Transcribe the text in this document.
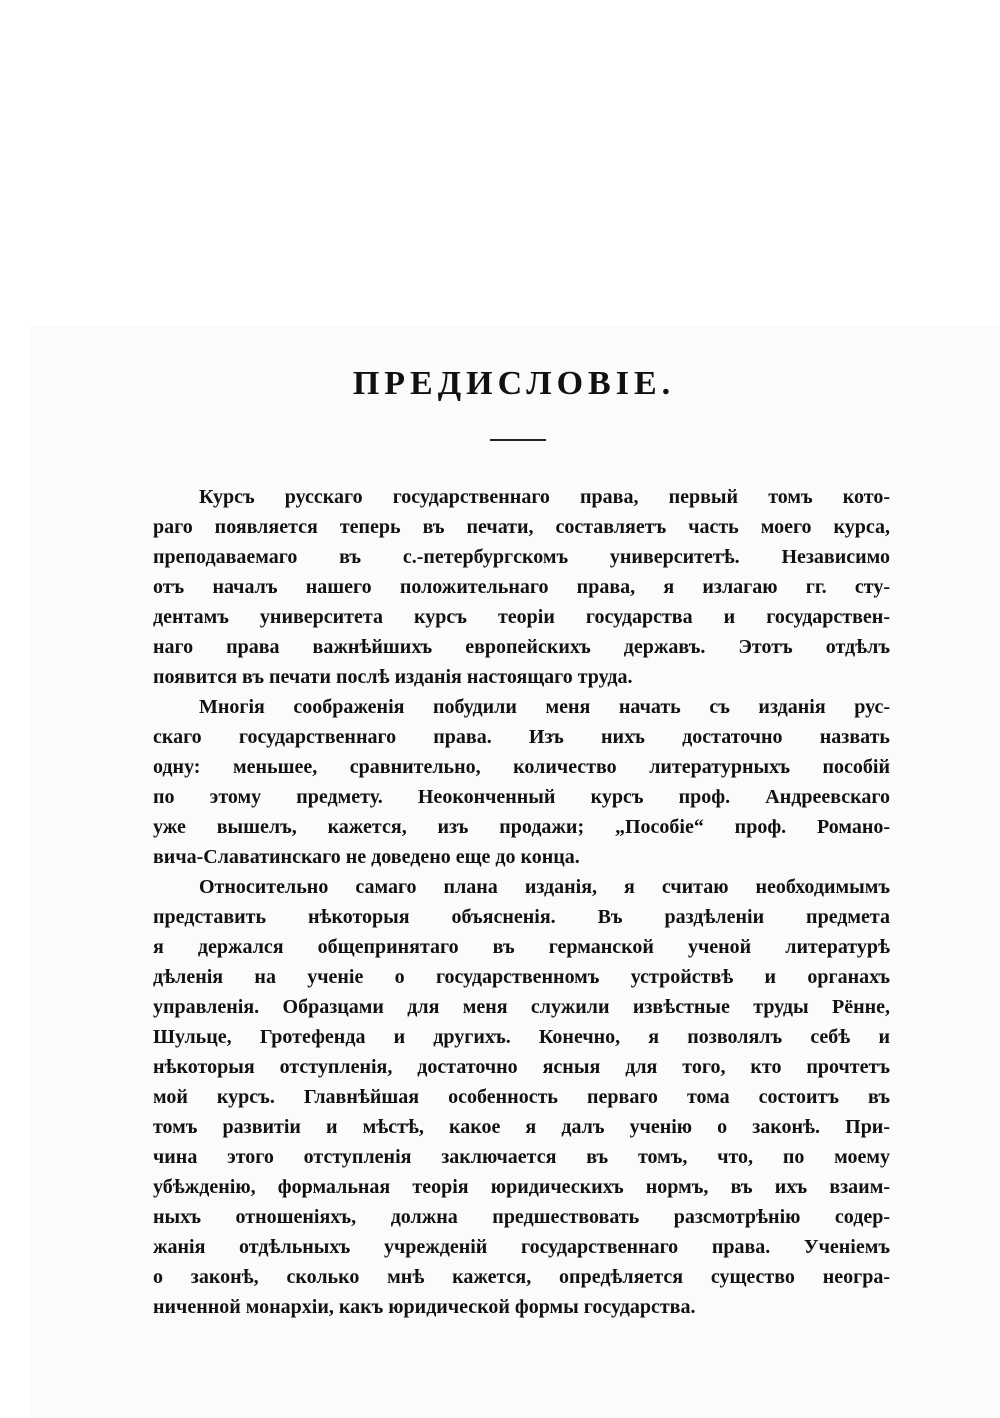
ПРЕДИСЛОВІЕ.
Курсъ русскаго государственнаго права, первый томъ кото-
раго появляется теперь въ печати, составляетъ часть моего курса,
преподаваемаго въ с.-петербургскомъ университетѣ. Независимо
отъ началъ нашего положительнаго права, я излагаю гг. сту-
дентамъ университета курсъ теоріи государства и государствен-
наго права важнѣйшихъ европейскихъ державъ. Этотъ отдѣлъ
появится въ печати послѣ изданія настоящаго труда.
Многія соображенія побудили меня начать съ изданія рус-
скаго государственнаго права. Изъ нихъ достаточно назвать
одну: меньшее, сравнительно, количество литературныхъ пособій
по этому предмету. Неоконченный курсъ проф. Андреевскаго
уже вышелъ, кажется, изъ продажи; „Пособіе“ проф. Романо-
вича-Славатинскаго не доведено еще до конца.
Относительно самаго плана изданія, я считаю необходимымъ
представить нѣкоторыя объясненія. Въ раздѣленіи предмета
я держался общепринятаго въ германской ученой литературѣ
дѣленія на ученіе о государственномъ устройствѣ и органахъ
управленія. Образцами для меня служили извѣстные труды Рённе,
Шульце, Гротефенда и другихъ. Конечно, я позволялъ себѣ и
нѣкоторыя отступленія, достаточно ясныя для того, кто прочтетъ
мой курсъ. Главнѣйшая особенность перваго тома состоитъ въ
томъ развитіи и мѣстѣ, какое я далъ ученію о законѣ. При-
чина этого отступленія заключается въ томъ, что, по моему
убѣжденію, формальная теорія юридическихъ нормъ, въ ихъ взаим-
ныхъ отношеніяхъ, должна предшествовать разсмотрѣнію содер-
жанія отдѣльныхъ учрежденій государственнаго права. Ученіемъ
о законѣ, сколько мнѣ кажется, опредѣляется существо неогра-
ниченной монархіи, какъ юридической формы государства.
